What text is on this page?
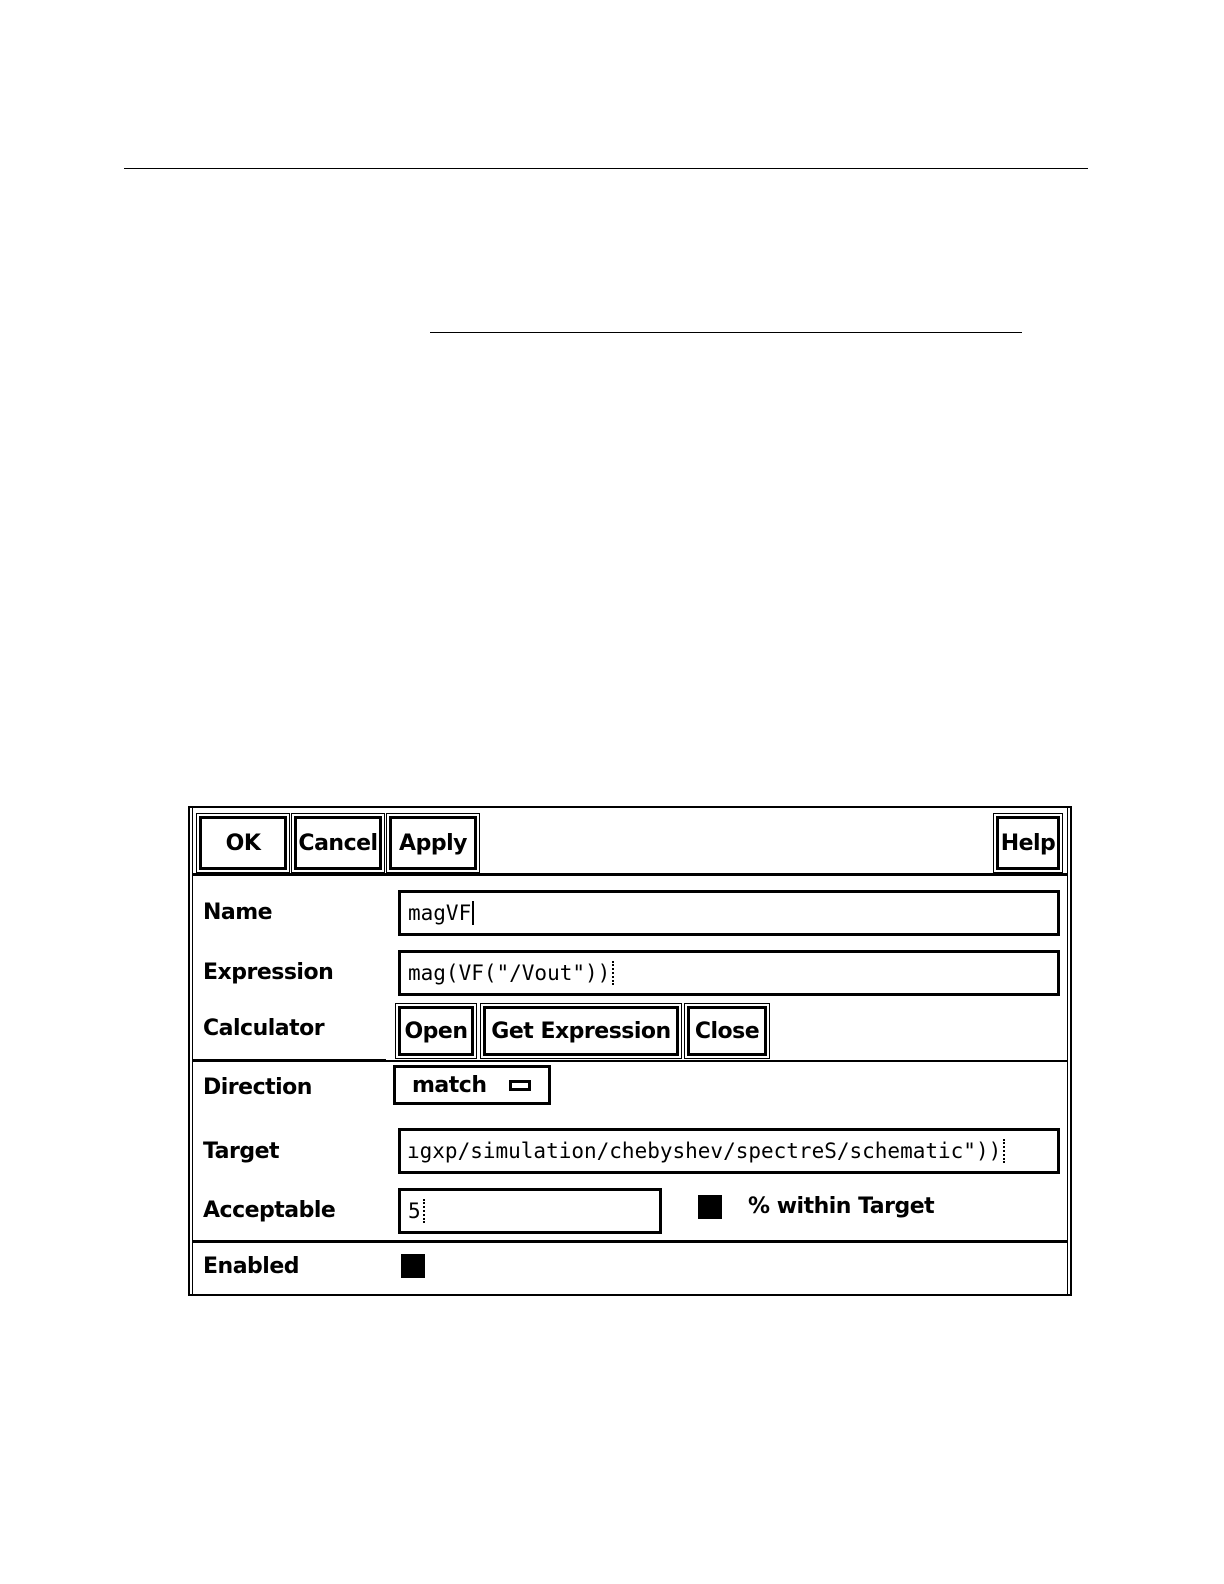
OK	Cancel Apply	Help
Name	magVF
Expression	mag(VF("/Vout"))
Calculator	Open	Get Expression	Close
Direction	match
Target	ıgxp/simulation/chebyshev/spectreS/schematic"))
Acceptable	5	% within Target
Enabled
